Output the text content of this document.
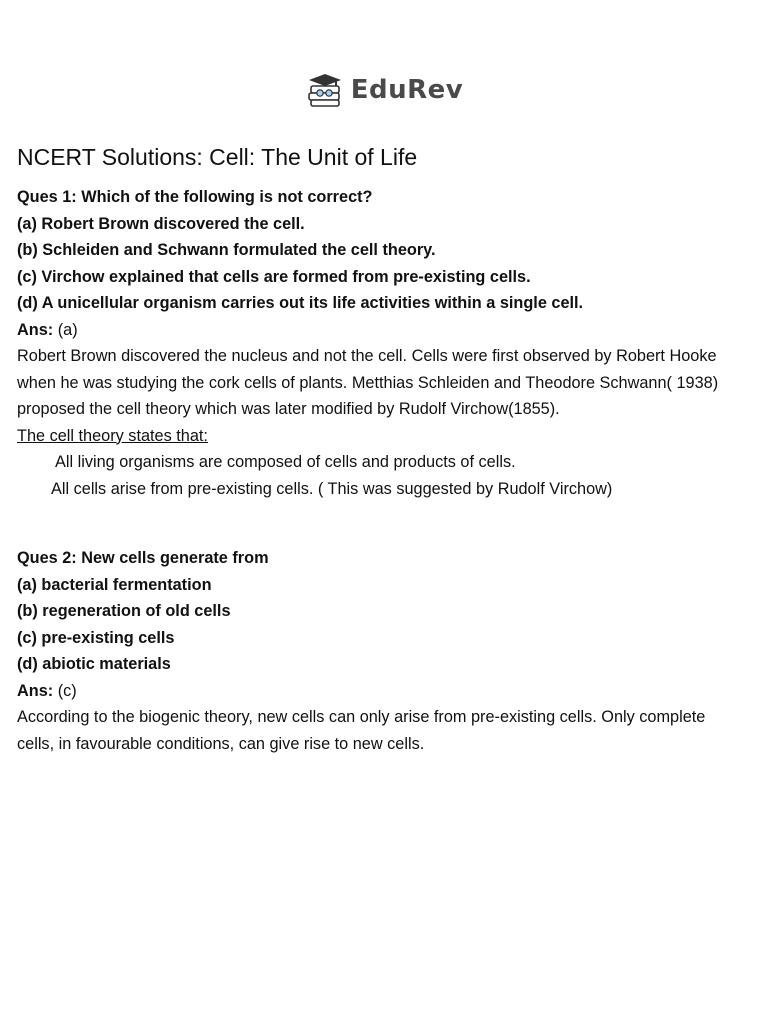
EduRev
NCERT Solutions: Cell: The Unit of Life

Ques 1: Which of the following is not correct?

(a) Robert Brown discovered the cell.

(b) Schleiden and Schwann formulated the cell theory.

(c) Virchow explained that cells are formed from pre-existing cells.

(d) A unicellular organism carries out its life activities within a single cell.

Ans: (a)

Robert Brown discovered the nucleus and not the cell. Cells were first observed by Robert Hooke
when he was studying the cork cells of plants. Metthias Schleiden and Theodore Schwann( 1938)
proposed the cell theory which was later modified by Rudolf Virchow(1855).

The cell theory states that:

All living organisms are composed of cells and products of cells.

All cells arise from pre-existing cells. ( This was suggested by Rudolf Virchow)

Ques 2: New cells generate from

(a) bacterial fermentation

(b) regeneration of old cells

(c) pre-existing cells

(d) abiotic materials

Ans: (c)

According to the biogenic theory, new cells can only arise from pre-existing cells. Only complete
cells, in favourable conditions, can give rise to new cells.
